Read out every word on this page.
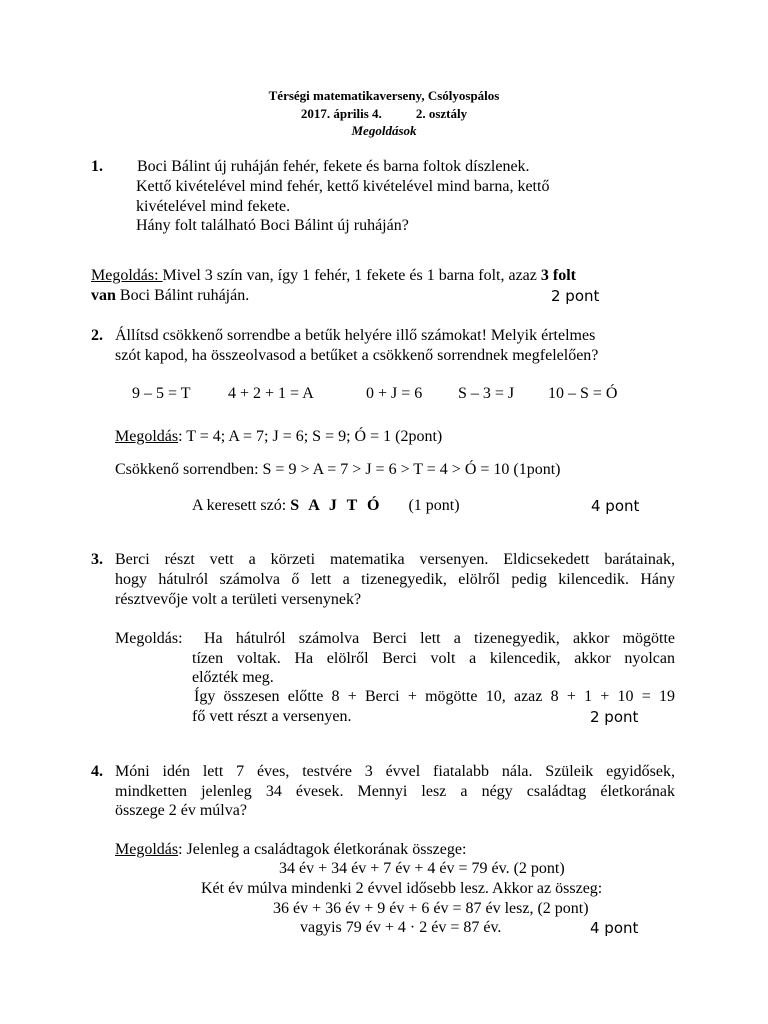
Térségi matematikaverseny, Csólyospálos
2017. április 4.	2. osztály
Megoldások
1. Boci Bálint új ruháján fehér, fekete és barna foltok díszlenek.
Kettő kivételével mind fehér, kettő kivételével mind barna, kettő
kivételével mind fekete.
Hány folt található Boci Bálint új ruháján?
Megoldás: Mivel 3 szín van, így 1 fehér, 1 fekete és 1 barna folt, azaz 3 folt
van Boci Bálint ruháján.	2 pont
2. Állítsd csökkenő sorrendbe a betűk helyére illő számokat! Melyik értelmes
szót kapod, ha összeolvasod a betűket a csökkenő sorrendnek megfelelően?
9 – 5 = T 4 + 2 + 1 = A	0 + J = 6 S – 3 = J 10 – S = Ó
Megoldás: T = 4; A = 7; J = 6; S = 9; Ó = 1 (2pont)
Csökkenő sorrendben: S = 9 > A = 7 > J = 6 > T = 4 > Ó = 10 (1pont)
A keresett szó: S A J T Ó (1 pont)	4 pont
3. Berci részt vett a körzeti matematika versenyen. Eldicsekedett barátainak,
hogy hátulról számolva ő lett a tizenegyedik, elölről pedig kilencedik. Hány
résztvevője volt a területi versenynek?
Megoldás: Ha hátulról számolva Berci lett a tizenegyedik, akkor mögötte
tízen voltak. Ha elölről Berci volt a kilencedik, akkor nyolcan
előzték meg.
Így összesen előtte 8 + Berci + mögötte 10, azaz 8 + 1 + 10 = 19
fő vett részt a versenyen.	2 pont
4. Móni idén lett 7 éves, testvére 3 évvel fiatalabb nála. Szüleik egyidősek,
mindketten jelenleg 34 évesek. Mennyi lesz a négy családtag életkorának
összege 2 év múlva?
Megoldás: Jelenleg a családtagok életkorának összege:
34 év + 34 év + 7 év + 4 év = 79 év. (2 pont)
Két év múlva mindenki 2 évvel idősebb lesz. Akkor az összeg:
36 év + 36 év + 9 év + 6 év = 87 év lesz, (2 pont)
vagyis 79 év + 4 · 2 év = 87 év.	4 pont
